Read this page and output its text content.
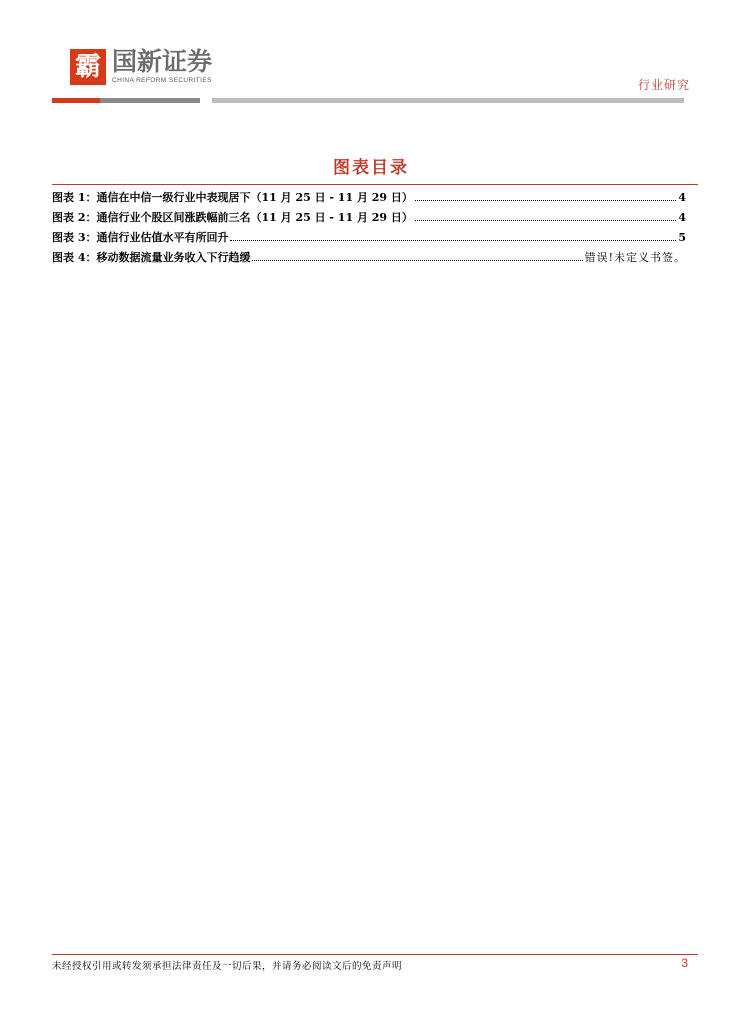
霸 国新证券
CHINA REFORM SECURITIES	行业研究
图表目录
图表 1：通信在中信一级行业中表现居下（11 月 25 日 - 11 月 29 日）	4
图表 2：通信行业个股区间涨跌幅前三名（11 月 25 日 - 11 月 29 日）	4
图表 3：通信行业估值水平有所回升	5
图表 4：移动数据流量业务收入下行趋缓	错误!未定义书签。
未经授权引用或转发须承担法律责任及一切后果，并请务必阅读文后的免责声明	3
